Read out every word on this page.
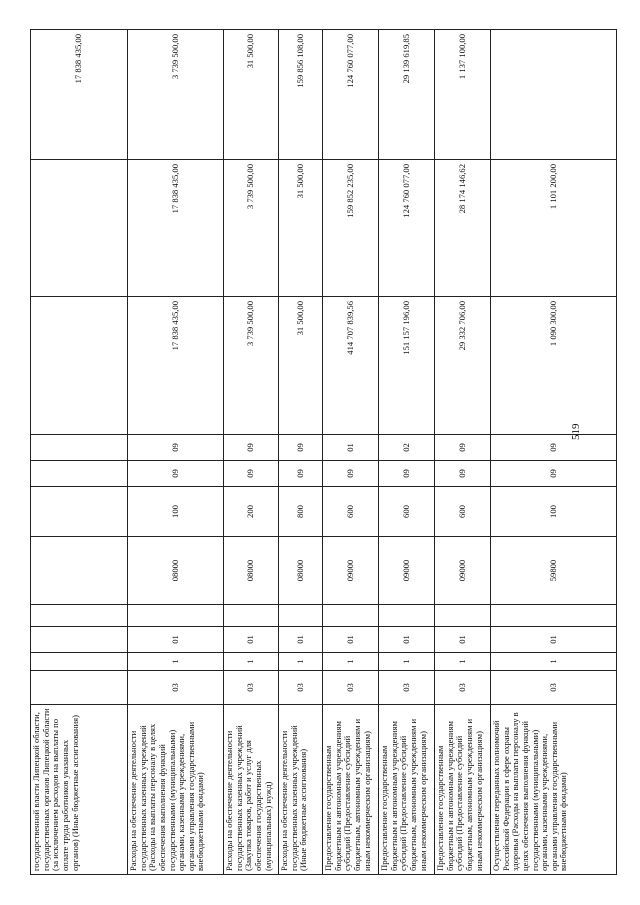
519
государственной власти Липецкой области, государственных органов Липецкой области (за исключением расходов на выплаты по оплате труда работников указанных органов) (Иные бюджетные ассигнования)											17 838 435,00
Расходы на обеспечение деятельности государственных казенных учреждений (Расходы на выплаты персоналу в целях обеспечения выполнения функций государственными (муниципальными) органами, казенными учреждениями, органами управления государственными внебюджетными фондами)	03	1	01		08000	100	09	09	17 838 435,00	17 838 435,00	3 739 500,00
Расходы на обеспечение деятельности государственных казенных учреждений (Закупка товаров, работ и услуг для обеспечения государственных (муниципальных) нужд)	03	1	01		08000	200	09	09	3 739 500,00	3 739 500,00	31 500,00
Расходы на обеспечение деятельности государственных казенных учреждений (Иные бюджетные ассигнования)	03	1	01		08000	800	09	09	31 500,00	31 500,00	159 856 108,00
Предоставление государственным бюджетным и автономным учреждениям субсидий (Предоставление субсидий бюджетным, автономным учреждениям и иным некоммерческим организациям)	03	1	01		09000	600	09	01	414 707 839,56	159 852 235,00	124 760 077,00
Предоставление государственным бюджетным и автономным учреждениям субсидий (Предоставление субсидий бюджетным, автономным учреждениям и иным некоммерческим организациям)	03	1	01		09000	600	09	02	151 157 196,00	124 760 077,00	29 139 619,85
Предоставление государственным бюджетным и автономным учреждениям субсидий (Предоставление субсидий бюджетным, автономным учреждениям и иным некоммерческим организациям)	03	1	01		09000	600	09	09	29 332 706,00	28 174 146,62	1 137 100,00
Осуществление переданных полномочий Российской Федерации в сфере охраны здоровья (Расходы на выплаты персоналу в целях обеспечения выполнения функций государственными (муниципальными) органами, казенными учреждениями, органами управления государственными внебюджетными фондами)	03	1	01		59800	100	09	09	1 090 300,00	1 101 200,00	
